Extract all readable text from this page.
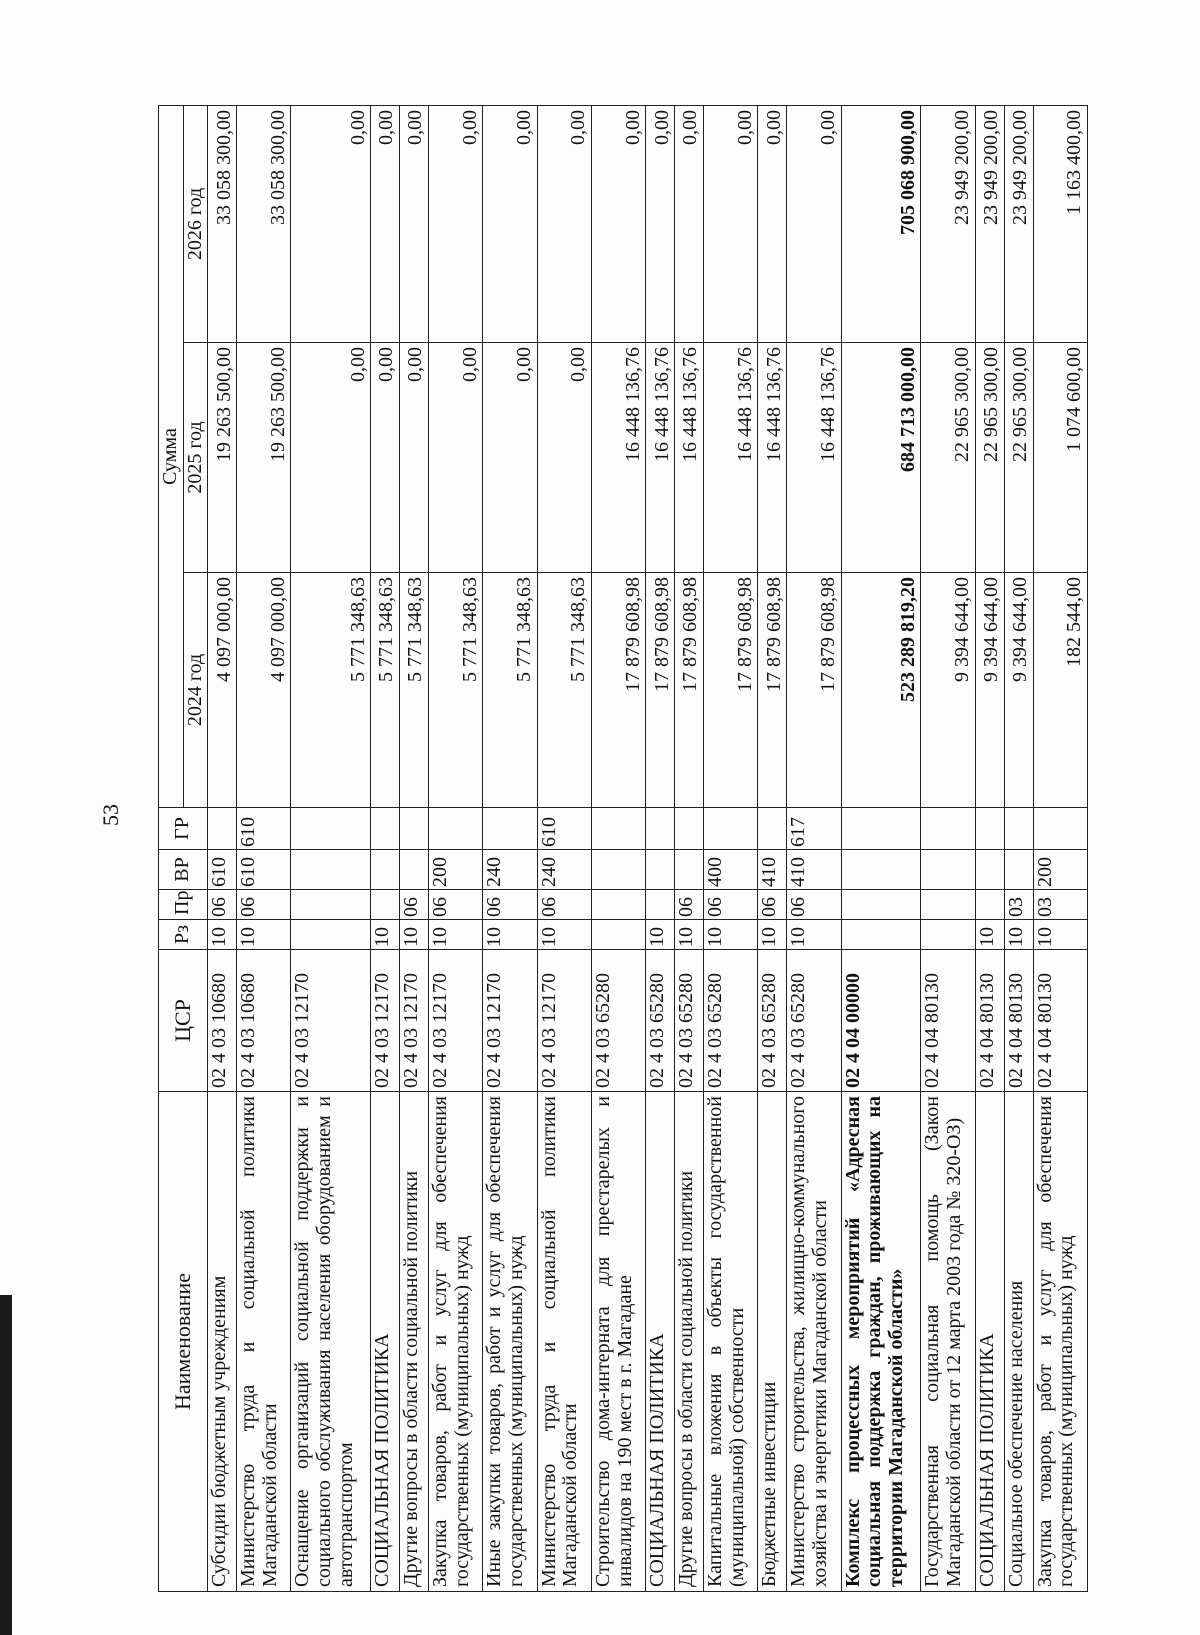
53
Наименование	ЦСР	Рз	Пр	ВР	ГР	Сумма		
						2024 год	2025 год	2026 год
Субсидии бюджетным учреждениям	02 4 03 10680	10	06	610		4 097 000,00	19 263 500,00	33 058 300,00
Министерство труда и социальной политики Магаданской области	02 4 03 10680	10	06	610	610	4 097 000,00	19 263 500,00	33 058 300,00
Оснащение организаций социальной поддержки и социального обслуживания населения оборудованием и автотранспортом	02 4 03 12170					5 771 348,63	0,00	0,00
СОЦИАЛЬНАЯ ПОЛИТИКА	02 4 03 12170	10				5 771 348,63	0,00	0,00
Другие вопросы в области социальной политики	02 4 03 12170	10	06			5 771 348,63	0,00	0,00
Закупка товаров, работ и услуг для обеспечения государственных (муниципальных) нужд	02 4 03 12170	10	06	200		5 771 348,63	0,00	0,00
Иные закупки товаров, работ и услуг для обеспечения государственных (муниципальных) нужд	02 4 03 12170	10	06	240		5 771 348,63	0,00	0,00
Министерство труда и социальной политики Магаданской области	02 4 03 12170	10	06	240	610	5 771 348,63	0,00	0,00
Строительство дома-интерната для престарелых и инвалидов на 190 мест в г. Магадане	02 4 03 65280					17 879 608,98	16 448 136,76	0,00
СОЦИАЛЬНАЯ ПОЛИТИКА	02 4 03 65280	10				17 879 608,98	16 448 136,76	0,00
Другие вопросы в области социальной политики	02 4 03 65280	10	06			17 879 608,98	16 448 136,76	0,00
Капитальные вложения в объекты государственной (муниципальной) собственности	02 4 03 65280	10	06	400		17 879 608,98	16 448 136,76	0,00
Бюджетные инвестиции	02 4 03 65280	10	06	410		17 879 608,98	16 448 136,76	0,00
Министерство строительства, жилищно-коммунального хозяйства и энергетики Магаданской области	02 4 03 65280	10	06	410	617	17 879 608,98	16 448 136,76	0,00
Комплекс процессных мероприятий «Адресная социальная поддержка граждан, проживающих на территории Магаданской области»	02 4 04 00000					523 289 819,20	684 713 000,00	705 068 900,00
Государственная социальная помощь (Закон Магаданской области от 12 марта 2003 года № 320-ОЗ)	02 4 04 80130					9 394 644,00	22 965 300,00	23 949 200,00
СОЦИАЛЬНАЯ ПОЛИТИКА	02 4 04 80130	10				9 394 644,00	22 965 300,00	23 949 200,00
Социальное обеспечение населения	02 4 04 80130	10	03			9 394 644,00	22 965 300,00	23 949 200,00
Закупка товаров, работ и услуг для обеспечения государственных (муниципальных) нужд	02 4 04 80130	10	03	200		182 544,00	1 074 600,00	1 163 400,00
